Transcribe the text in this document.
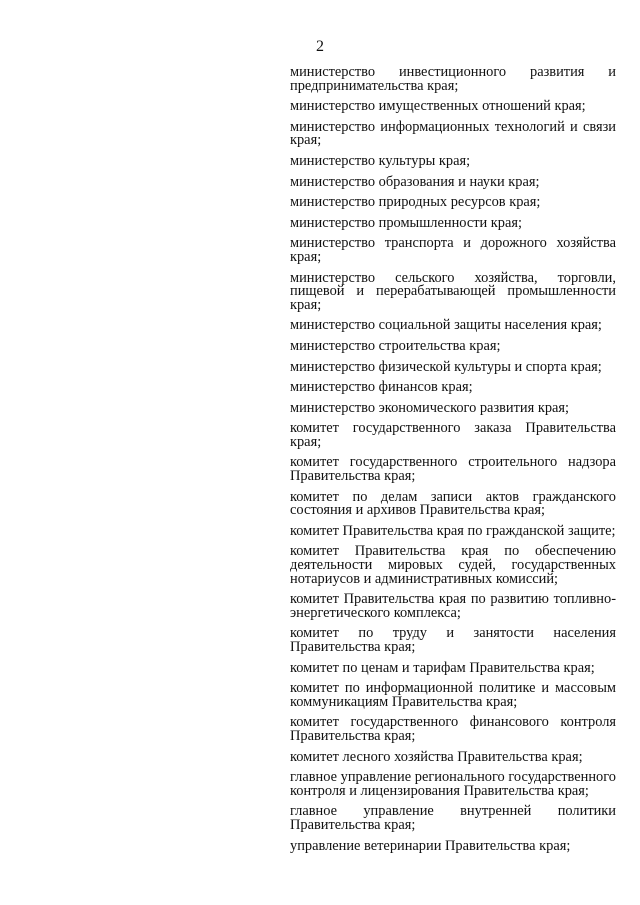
2
министерство инвестиционного развития и предпринимательства края;
министерство имущественных отношений края;
министерство информационных технологий и связи края;
министерство культуры края;
министерство образования и науки края;
министерство природных ресурсов края;
министерство промышленности края;
министерство транспорта и дорожного хозяйства края;
министерство сельского хозяйства, торговли, пищевой и перерабатывающей промышленности края;
министерство социальной защиты населения края;
министерство строительства края;
министерство физической культуры и спорта края;
министерство финансов края;
министерство экономического развития края;
комитет государственного заказа Правительства края;
комитет государственного строительного надзора Правительства края;
комитет по делам записи актов гражданского состояния и архивов Правительства края;
комитет Правительства края по гражданской защите;
комитет Правительства края по обеспечению деятельности мировых судей, государственных нотариусов и административных комиссий;
комитет Правительства края по развитию топливно-энергетического комплекса;
комитет по труду и занятости населения Правительства края;
комитет по ценам и тарифам Правительства края;
комитет по информационной политике и массовым коммуникациям Правительства края;
комитет государственного финансового контроля Правительства края;
комитет лесного хозяйства Правительства края;
главное управление регионального государственного контроля и лицензирования Правительства края;
главное управление внутренней политики Правительства края;
управление ветеринарии Правительства края;
